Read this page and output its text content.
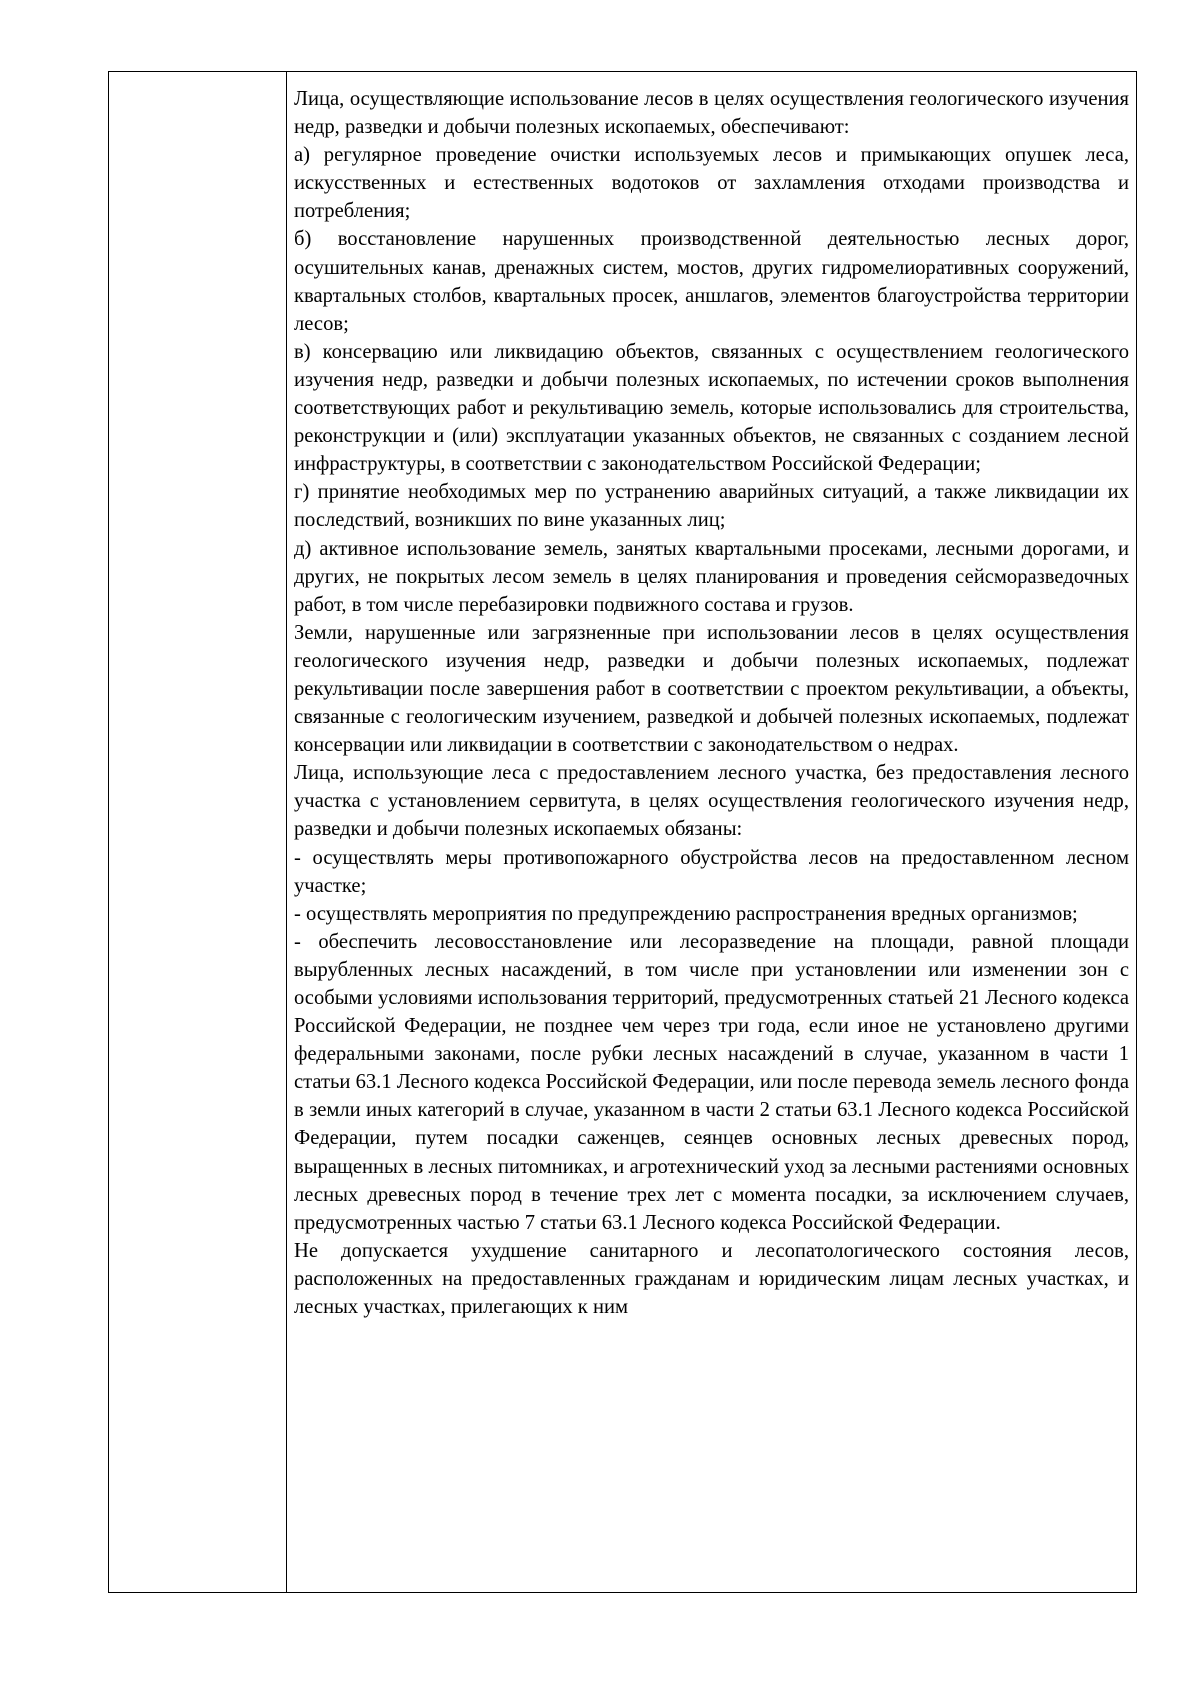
Лица, осуществляющие использование лесов в целях осуществления геологического изучения недр, разведки и добычи полезных ископаемых, обеспечивают:

а) регулярное проведение очистки используемых лесов и примыкающих опушек леса, искусственных и естественных водотоков от захламления отходами производства и потребления;

б) восстановление нарушенных производственной деятельностью лесных дорог, осушительных канав, дренажных систем, мостов, других гидромелиоративных сооружений, квартальных столбов, квартальных просек, аншлагов, элементов благоустройства территории лесов;

в) консервацию или ликвидацию объектов, связанных с осуществлением геологического изучения недр, разведки и добычи полезных ископаемых, по истечении сроков выполнения соответствующих работ и рекультивацию земель, которые использовались для строительства, реконструкции и (или) эксплуатации указанных объектов, не связанных с созданием лесной инфраструктуры, в соответствии с законодательством Российской Федерации;

г) принятие необходимых мер по устранению аварийных ситуаций, а также ликвидации их последствий, возникших по вине указанных лиц;

д) активное использование земель, занятых квартальными просеками, лесными дорогами, и других, не покрытых лесом земель в целях планирования и проведения сейсморазведочных работ, в том числе перебазировки подвижного состава и грузов.

Земли, нарушенные или загрязненные при использовании лесов в целях осуществления геологического изучения недр, разведки и добычи полезных ископаемых, подлежат рекультивации после завершения работ в соответствии с проектом рекультивации, а объекты, связанные с геологическим изучением, разведкой и добычей полезных ископаемых, подлежат консервации или ликвидации в соответствии с законодательством о недрах.

Лица, использующие леса с предоставлением лесного участка, без предоставления лесного участка с установлением сервитута, в целях осуществления геологического изучения недр, разведки и добычи полезных ископаемых обязаны:

- осуществлять меры противопожарного обустройства лесов на предоставленном лесном участке;

- осуществлять мероприятия по предупреждению распространения вредных организмов;

- обеспечить лесовосстановление или лесоразведение на площади, равной площади вырубленных лесных насаждений, в том числе при установлении или изменении зон с особыми условиями использования территорий, предусмотренных статьей 21 Лесного кодекса Российской Федерации, не позднее чем через три года, если иное не установлено другими федеральными законами, после рубки лесных насаждений в случае, указанном в части 1 статьи 63.1 Лесного кодекса Российской Федерации, или после перевода земель лесного фонда в земли иных категорий в случае, указанном в части 2 статьи 63.1 Лесного кодекса Российской Федерации, путем посадки саженцев, сеянцев основных лесных древесных пород, выращенных в лесных питомниках, и агротехнический уход за лесными растениями основных лесных древесных пород в течение трех лет с момента посадки, за исключением случаев, предусмотренных частью 7 статьи 63.1 Лесного кодекса Российской Федерации.

Не допускается ухудшение санитарного и лесопатологического состояния лесов, расположенных на предоставленных гражданам и юридическим лицам лесных участках, и лесных участках, прилегающих к ним
